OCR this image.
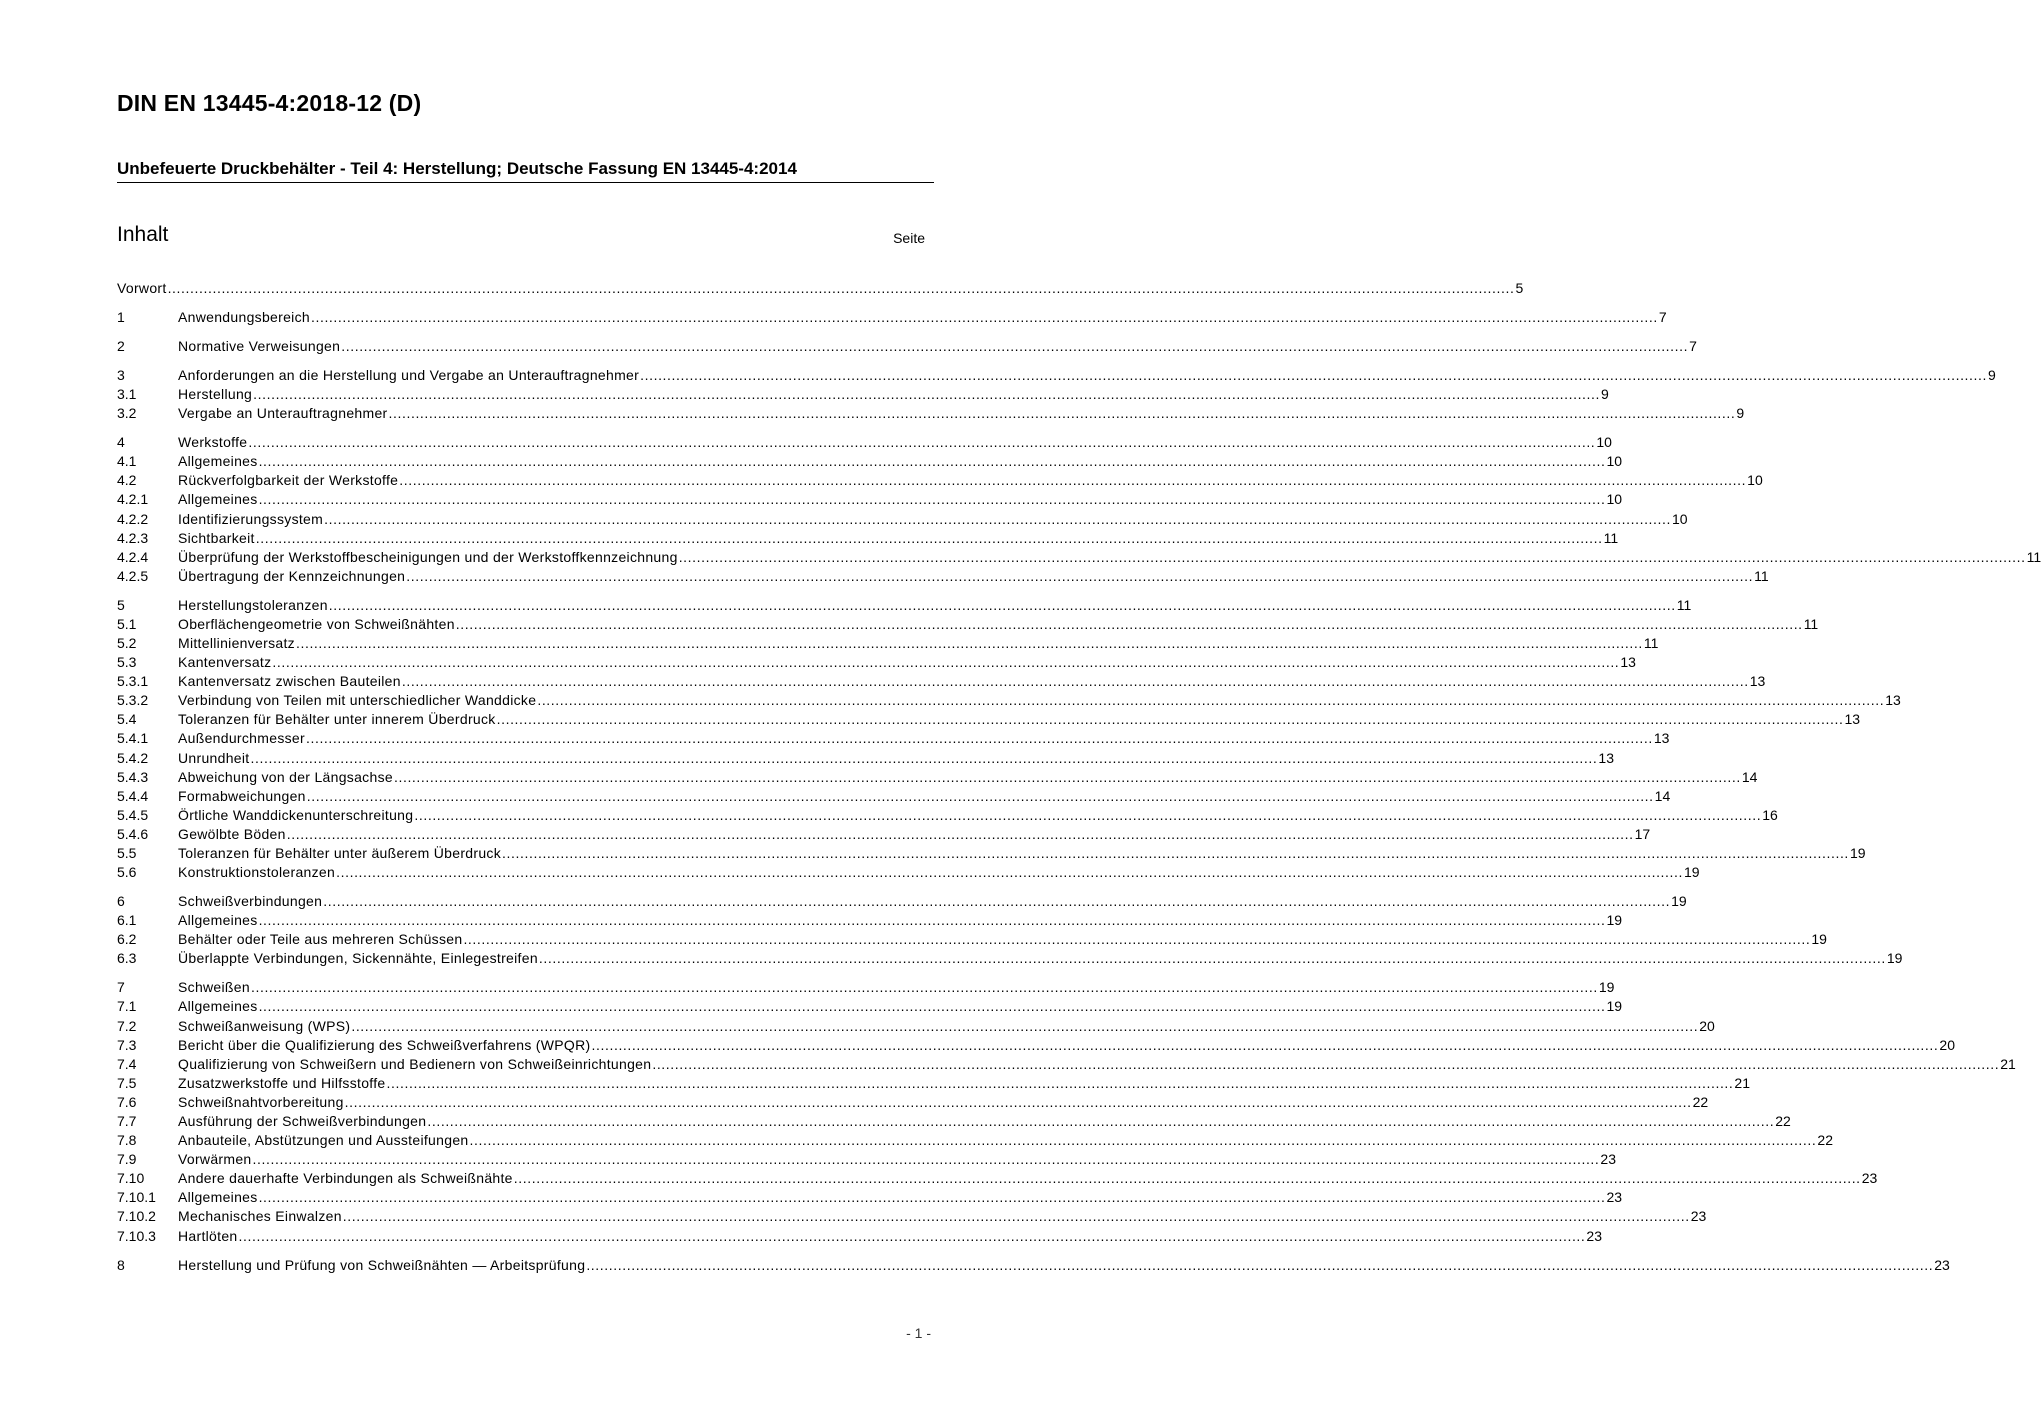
DIN EN 13445-4:2018-12 (D)
Unbefeuerte Druckbehälter - Teil 4: Herstellung; Deutsche Fassung EN 13445-4:2014
Inhalt	Seite
Vorwort ............................................................................................................................................................................................................................................................................................................ 5
1	Anwendungsbereich ............................................................................................................................................................................................................................................................................................................ 7
2	Normative Verweisungen ............................................................................................................................................................................................................................................................................................................ 7
3	Anforderungen an die Herstellung und Vergabe an Unterauftragnehmer ............................................................................................................................................................................................................................................................................................................ 9
3.1	Herstellung ............................................................................................................................................................................................................................................................................................................ 9
3.2	Vergabe an Unterauftragnehmer ............................................................................................................................................................................................................................................................................................................ 9
4	Werkstoffe ............................................................................................................................................................................................................................................................................................................ 10
4.1	Allgemeines ............................................................................................................................................................................................................................................................................................................ 10
4.2	Rückverfolgbarkeit der Werkstoffe ............................................................................................................................................................................................................................................................................................................ 10
4.2.1	Allgemeines ............................................................................................................................................................................................................................................................................................................ 10
4.2.2	Identifizierungssystem ............................................................................................................................................................................................................................................................................................................ 10
4.2.3	Sichtbarkeit ............................................................................................................................................................................................................................................................................................................ 11
4.2.4	Überprüfung der Werkstoffbescheinigungen und der Werkstoffkennzeichnung ............................................................................................................................................................................................................................................................................................................ 11
4.2.5	Übertragung der Kennzeichnungen ............................................................................................................................................................................................................................................................................................................ 11
5	Herstellungstoleranzen ............................................................................................................................................................................................................................................................................................................ 11
5.1	Oberflächengeometrie von Schweißnähten ............................................................................................................................................................................................................................................................................................................ 11
5.2	Mittellinienversatz ............................................................................................................................................................................................................................................................................................................ 11
5.3	Kantenversatz ............................................................................................................................................................................................................................................................................................................ 13
5.3.1	Kantenversatz zwischen Bauteilen ............................................................................................................................................................................................................................................................................................................ 13
5.3.2	Verbindung von Teilen mit unterschiedlicher Wanddicke ............................................................................................................................................................................................................................................................................................................ 13
5.4	Toleranzen für Behälter unter innerem Überdruck ............................................................................................................................................................................................................................................................................................................ 13
5.4.1	Außendurchmesser ............................................................................................................................................................................................................................................................................................................ 13
5.4.2	Unrundheit ............................................................................................................................................................................................................................................................................................................ 13
5.4.3	Abweichung von der Längsachse ............................................................................................................................................................................................................................................................................................................ 14
5.4.4	Formabweichungen ............................................................................................................................................................................................................................................................................................................ 14
5.4.5	Örtliche Wanddickenunterschreitung ............................................................................................................................................................................................................................................................................................................ 16
5.4.6	Gewölbte Böden ............................................................................................................................................................................................................................................................................................................ 17
5.5	Toleranzen für Behälter unter äußerem Überdruck ............................................................................................................................................................................................................................................................................................................ 19
5.6	Konstruktionstoleranzen ............................................................................................................................................................................................................................................................................................................ 19
6	Schweißverbindungen ............................................................................................................................................................................................................................................................................................................ 19
6.1	Allgemeines ............................................................................................................................................................................................................................................................................................................ 19
6.2	Behälter oder Teile aus mehreren Schüssen ............................................................................................................................................................................................................................................................................................................ 19
6.3	Überlappte Verbindungen, Sickennähte, Einlegestreifen ............................................................................................................................................................................................................................................................................................................ 19
7	Schweißen ............................................................................................................................................................................................................................................................................................................ 19
7.1	Allgemeines ............................................................................................................................................................................................................................................................................................................ 19
7.2	Schweißanweisung (WPS) ............................................................................................................................................................................................................................................................................................................ 20
7.3	Bericht über die Qualifizierung des Schweißverfahrens (WPQR) ............................................................................................................................................................................................................................................................................................................ 20
7.4	Qualifizierung von Schweißern und Bedienern von Schweißeinrichtungen ............................................................................................................................................................................................................................................................................................................ 21
7.5	Zusatzwerkstoffe und Hilfsstoffe ............................................................................................................................................................................................................................................................................................................ 21
7.6	Schweißnahtvorbereitung ............................................................................................................................................................................................................................................................................................................ 22
7.7	Ausführung der Schweißverbindungen ............................................................................................................................................................................................................................................................................................................ 22
7.8	Anbauteile, Abstützungen und Aussteifungen ............................................................................................................................................................................................................................................................................................................ 22
7.9	Vorwärmen ............................................................................................................................................................................................................................................................................................................ 23
7.10	Andere dauerhafte Verbindungen als Schweißnähte ............................................................................................................................................................................................................................................................................................................ 23
7.10.1	Allgemeines ............................................................................................................................................................................................................................................................................................................ 23
7.10.2	Mechanisches Einwalzen ............................................................................................................................................................................................................................................................................................................ 23
7.10.3	Hartlöten ............................................................................................................................................................................................................................................................................................................ 23
8	Herstellung und Prüfung von Schweißnähten — Arbeitsprüfung ............................................................................................................................................................................................................................................................................................................ 23
- 1 -
